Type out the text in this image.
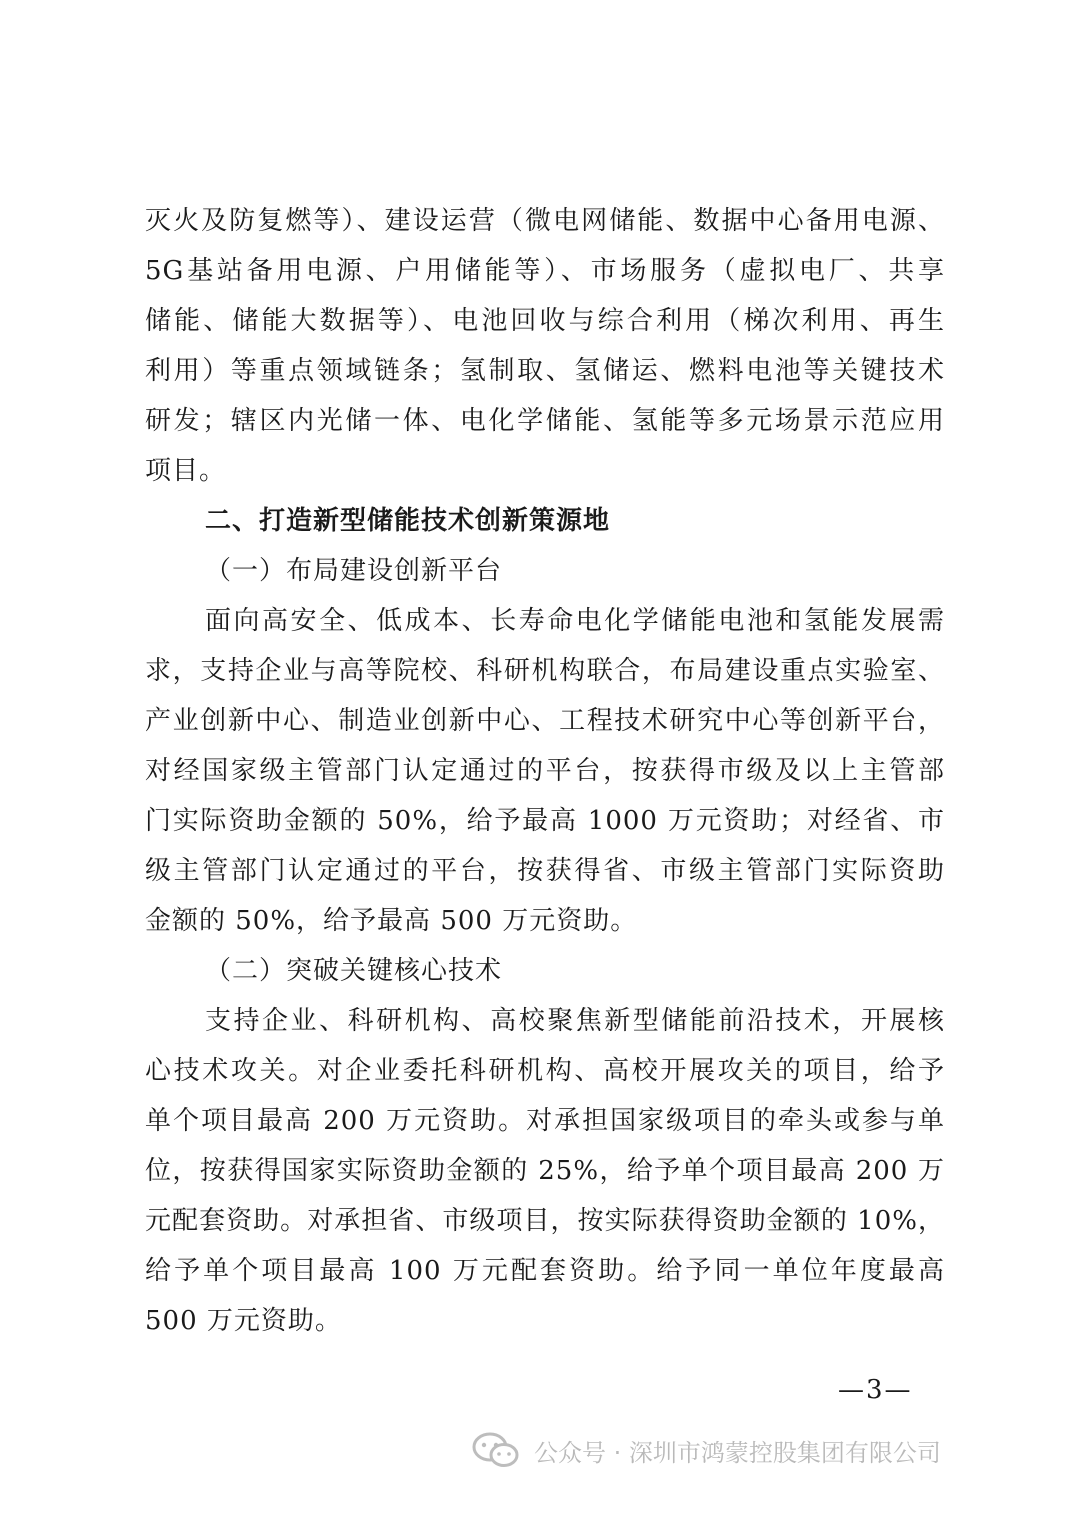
灭火及防复燃等）、建设运营（微电网储能、数据中心备用电源、
5G基站备用电源、户用储能等）、市场服务（虚拟电厂、共享
储能、储能大数据等）、电池回收与综合利用（梯次利用、再生
利用）等重点领域链条；氢制取、氢储运、燃料电池等关键技术
研发；辖区内光储一体、电化学储能、氢能等多元场景示范应用
项目。
二、打造新型储能技术创新策源地
（一）布局建设创新平台
面向高安全、低成本、长寿命电化学储能电池和氢能发展需
求，支持企业与高等院校、科研机构联合，布局建设重点实验室、
产业创新中心、制造业创新中心、工程技术研究中心等创新平台，
对经国家级主管部门认定通过的平台，按获得市级及以上主管部
门实际资助金额的 50%，给予最高 1000 万元资助；对经省、市
级主管部门认定通过的平台，按获得省、市级主管部门实际资助
金额的 50%，给予最高 500 万元资助。
（二）突破关键核心技术
支持企业、科研机构、高校聚焦新型储能前沿技术，开展核
心技术攻关。对企业委托科研机构、高校开展攻关的项目，给予
单个项目最高 200 万元资助。对承担国家级项目的牵头或参与单
位，按获得国家实际资助金额的 25%，给予单个项目最高 200 万
元配套资助。对承担省、市级项目，按实际获得资助金额的 10%，
给予单个项目最高 100 万元配套资助。给予同一单位年度最高
500 万元资助。
—3—
公众号 · 深圳市鸿蒙控股集团有限公司
